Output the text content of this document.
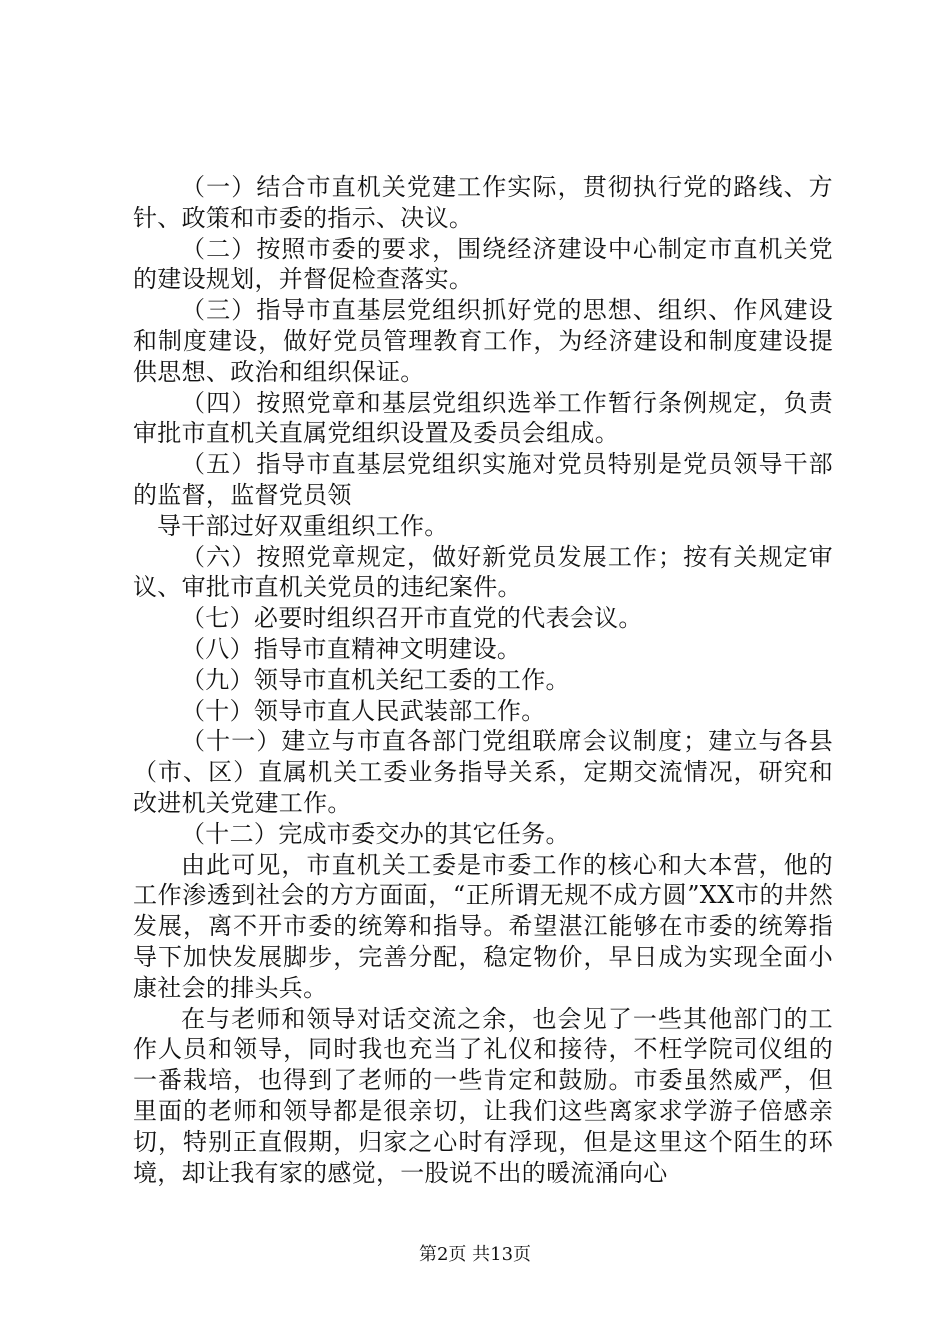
（一）结合市直机关党建工作实际，贯彻执行党的路线、方针、政策和市委的指示、决议。

（二）按照市委的要求，围绕经济建设中心制定市直机关党的建设规划，并督促检查落实。

（三）指导市直基层党组织抓好党的思想、组织、作风建设和制度建设，做好党员管理教育工作，为经济建设和制度建设提供思想、政治和组织保证。

（四）按照党章和基层党组织选举工作暂行条例规定，负责审批市直机关直属党组织设置及委员会组成。

（五）指导市直基层党组织实施对党员特别是党员领导干部的监督，监督党员领

导干部过好双重组织工作。

（六）按照党章规定，做好新党员发展工作；按有关规定审议、审批市直机关党员的违纪案件。

（七）必要时组织召开市直党的代表会议。

（八）指导市直精神文明建设。

（九）领导市直机关纪工委的工作。

（十）领导市直人民武装部工作。

（十一）建立与市直各部门党组联席会议制度；建立与各县（市、区）直属机关工委业务指导关系，定期交流情况，研究和改进机关党建工作。

（十二）完成市委交办的其它任务。

由此可见，市直机关工委是市委工作的核心和大本营，他的工作渗透到社会的方方面面，“正所谓无规不成方圆”XX市的井然发展，离不开市委的统筹和指导。希望湛江能够在市委的统筹指导下加快发展脚步，完善分配，稳定物价，早日成为实现全面小康社会的排头兵。

在与老师和领导对话交流之余，也会见了一些其他部门的工作人员和领导，同时我也充当了礼仪和接待，不枉学院司仪组的一番栽培，也得到了老师的一些肯定和鼓励。市委虽然威严，但里面的老师和领导都是很亲切，让我们这些离家求学游子倍感亲切，特别正直假期，归家之心时有浮现，但是这里这个陌生的环境，却让我有家的感觉，一股说不出的暖流涌向心

第2页 共13页
